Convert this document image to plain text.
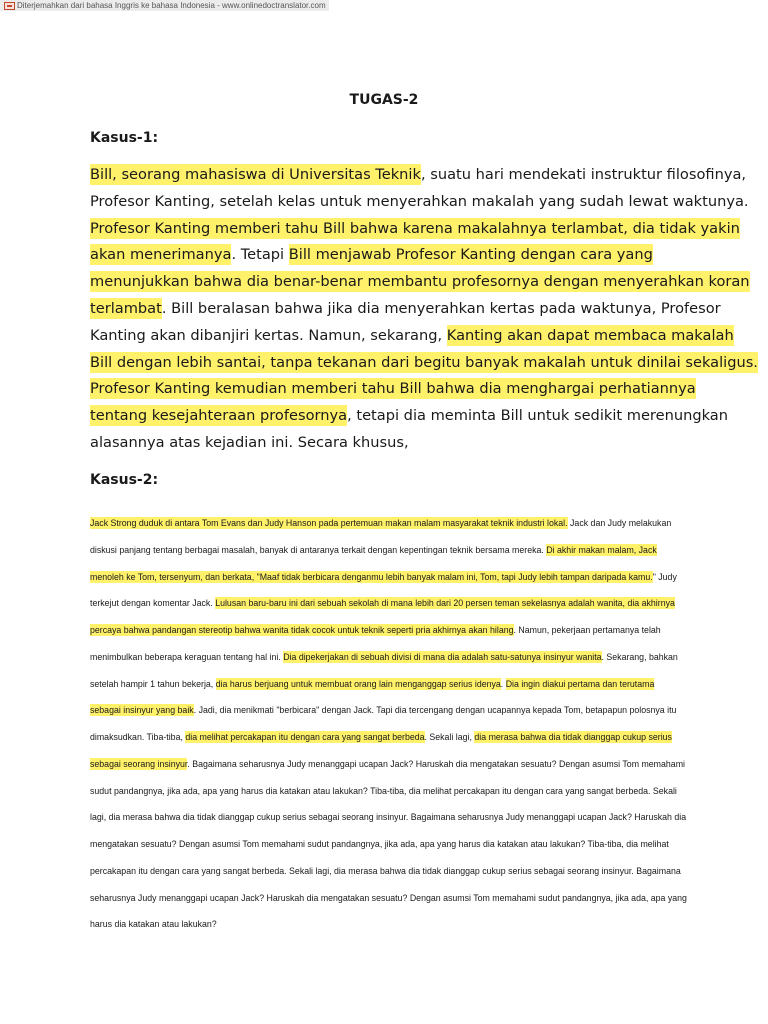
Diterjemahkan dari bahasa Inggris ke bahasa Indonesia - www.onlinedoctranslator.com
TUGAS-2
Kasus-1:
Bill, seorang mahasiswa di Universitas Teknik, suatu hari mendekati instruktur filosofinya,
Profesor Kanting, setelah kelas untuk menyerahkan makalah yang sudah lewat waktunya.
Profesor Kanting memberi tahu Bill bahwa karena makalahnya terlambat, dia tidak yakin
akan menerimanya. Tetapi Bill menjawab Profesor Kanting dengan cara yang
menunjukkan bahwa dia benar-benar membantu profesornya dengan menyerahkan koran
terlambat. Bill beralasan bahwa jika dia menyerahkan kertas pada waktunya, Profesor
Kanting akan dibanjiri kertas. Namun, sekarang, Kanting akan dapat membaca makalah
Bill dengan lebih santai, tanpa tekanan dari begitu banyak makalah untuk dinilai sekaligus.
Profesor Kanting kemudian memberi tahu Bill bahwa dia menghargai perhatiannya
tentang kesejahteraan profesornya, tetapi dia meminta Bill untuk sedikit merenungkan
alasannya atas kejadian ini. Secara khusus,
Kasus-2:
Jack Strong duduk di antara Tom Evans dan Judy Hanson pada pertemuan makan malam masyarakat teknik industri lokal. Jack dan Judy melakukan
diskusi panjang tentang berbagai masalah, banyak di antaranya terkait dengan kepentingan teknik bersama mereka. Di akhir makan malam, Jack
menoleh ke Tom, tersenyum, dan berkata, "Maaf tidak berbicara denganmu lebih banyak malam ini, Tom, tapi Judy lebih tampan daripada kamu." Judy
terkejut dengan komentar Jack. Lulusan baru-baru ini dari sebuah sekolah di mana lebih dari 20 persen teman sekelasnya adalah wanita, dia akhirnya
percaya bahwa pandangan stereotip bahwa wanita tidak cocok untuk teknik seperti pria akhirnya akan hilang. Namun, pekerjaan pertamanya telah
menimbulkan beberapa keraguan tentang hal ini. Dia dipekerjakan di sebuah divisi di mana dia adalah satu-satunya insinyur wanita. Sekarang, bahkan
setelah hampir 1 tahun bekerja, dia harus berjuang untuk membuat orang lain menganggap serius idenya. Dia ingin diakui pertama dan terutama
sebagai insinyur yang baik. Jadi, dia menikmati "berbicara" dengan Jack. Tapi dia tercengang dengan ucapannya kepada Tom, betapapun polosnya itu
dimaksudkan. Tiba-tiba, dia melihat percakapan itu dengan cara yang sangat berbeda. Sekali lagi, dia merasa bahwa dia tidak dianggap cukup serius
sebagai seorang insinyur. Bagaimana seharusnya Judy menanggapi ucapan Jack? Haruskah dia mengatakan sesuatu? Dengan asumsi Tom memahami
sudut pandangnya, jika ada, apa yang harus dia katakan atau lakukan? Tiba-tiba, dia melihat percakapan itu dengan cara yang sangat berbeda. Sekali
lagi, dia merasa bahwa dia tidak dianggap cukup serius sebagai seorang insinyur. Bagaimana seharusnya Judy menanggapi ucapan Jack? Haruskah dia
mengatakan sesuatu? Dengan asumsi Tom memahami sudut pandangnya, jika ada, apa yang harus dia katakan atau lakukan? Tiba-tiba, dia melihat
percakapan itu dengan cara yang sangat berbeda. Sekali lagi, dia merasa bahwa dia tidak dianggap cukup serius sebagai seorang insinyur. Bagaimana
seharusnya Judy menanggapi ucapan Jack? Haruskah dia mengatakan sesuatu? Dengan asumsi Tom memahami sudut pandangnya, jika ada, apa yang
harus dia katakan atau lakukan?
